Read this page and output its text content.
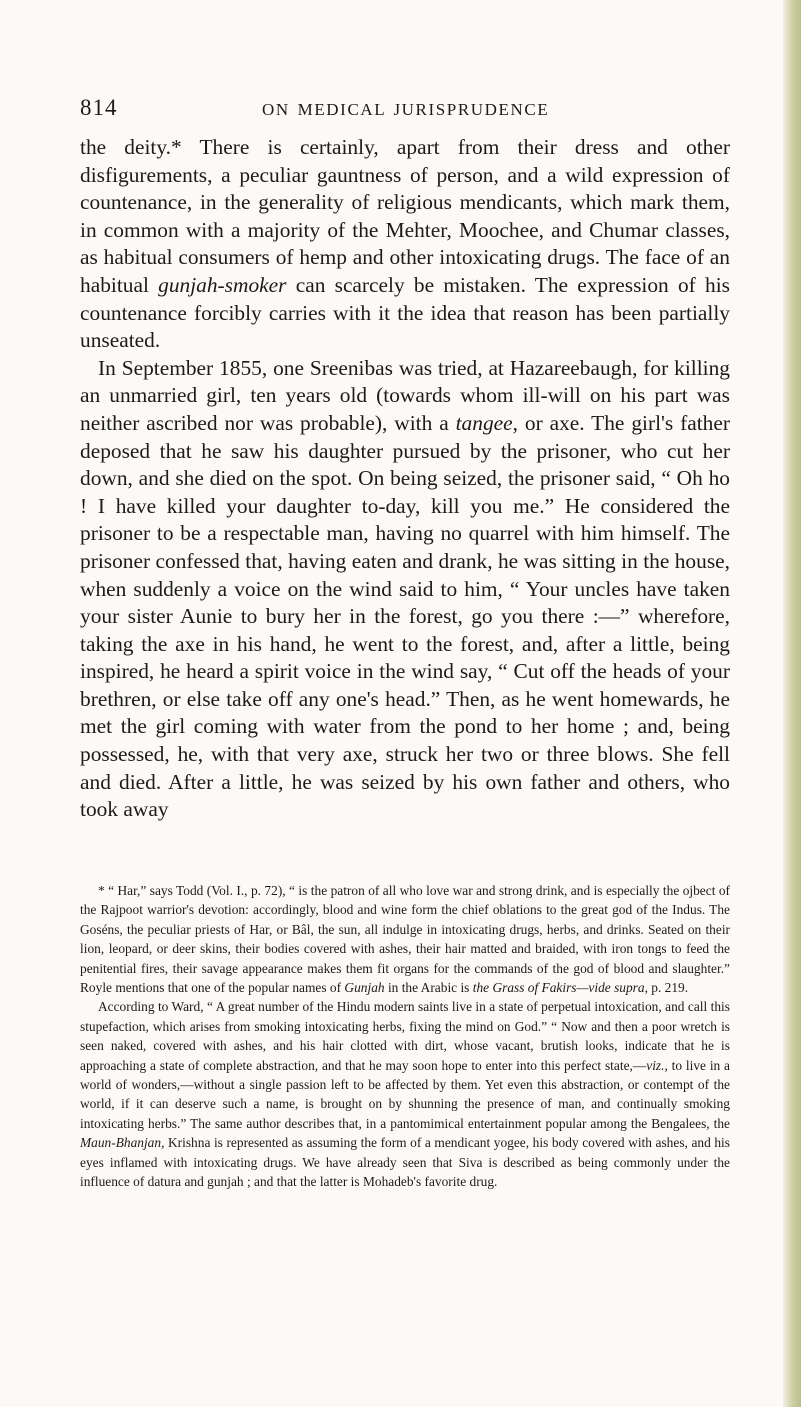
814	ON MEDICAL JURISPRUDENCE

the deity.* There is certainly, apart from their dress and other disfigurements, a peculiar gauntness of person, and a wild expression of countenance, in the generality of religious mendicants, which mark them, in common with a majority of the Mehter, Moochee, and Chumar classes, as habitual consumers of hemp and other intoxicating drugs. The face of an habitual gunjah-smoker can scarcely be mistaken. The expression of his countenance forcibly carries with it the idea that reason has been partially unseated.

In September 1855, one Sreenibas was tried, at Hazareebaugh, for killing an unmarried girl, ten years old (towards whom ill-will on his part was neither ascribed nor was probable), with a tangee, or axe. The girl's father deposed that he saw his daughter pursued by the prisoner, who cut her down, and she died on the spot. On being seized, the prisoner said, “ Oh ho ! I have killed your daughter to-day, kill you me.” He considered the prisoner to be a respectable man, having no quarrel with him himself. The prisoner confessed that, having eaten and drank, he was sitting in the house, when suddenly a voice on the wind said to him, “ Your uncles have taken your sister Aunie to bury her in the forest, go you there :—” wherefore, taking the axe in his hand, he went to the forest, and, after a little, being inspired, he heard a spirit voice in the wind say, “ Cut off the heads of your brethren, or else take off any one's head.” Then, as he went homewards, he met the girl coming with water from the pond to her home ; and, being possessed, he, with that very axe, struck her two or three blows. She fell and died. After a little, he was seized by his own father and others, who took away

* “ Har,” says Todd (Vol. I., p. 72), “ is the patron of all who love war and strong drink, and is especially the ojbect of the Rajpoot warrior's devotion: accordingly, blood and wine form the chief oblations to the great god of the Indus. The Goséns, the peculiar priests of Har, or Bâl, the sun, all indulge in intoxicating drugs, herbs, and drinks. Seated on their lion, leopard, or deer skins, their bodies covered with ashes, their hair matted and braided, with iron tongs to feed the penitential fires, their savage appearance makes them fit organs for the commands of the god of blood and slaughter.” Royle mentions that one of the popular names of Gunjah in the Arabic is the Grass of Fakirs—vide supra, p. 219.

According to Ward, “ A great number of the Hindu modern saints live in a state of perpetual intoxication, and call this stupefaction, which arises from smoking intoxicating herbs, fixing the mind on God.” “ Now and then a poor wretch is seen naked, covered with ashes, and his hair clotted with dirt, whose vacant, brutish looks, indicate that he is approaching a state of complete abstraction, and that he may soon hope to enter into this perfect state,—viz., to live in a world of wonders,—without a single passion left to be affected by them. Yet even this abstraction, or contempt of the world, if it can deserve such a name, is brought on by shunning the presence of man, and continually smoking intoxicating herbs.” The same author describes that, in a pantomimical entertainment popular among the Bengalees, the Maun-Bhanjan, Krishna is represented as assuming the form of a mendicant yogee, his body covered with ashes, and his eyes inflamed with intoxicating drugs. We have already seen that Siva is described as being commonly under the influence of datura and gunjah ; and that the latter is Mohadeb's favorite drug.
